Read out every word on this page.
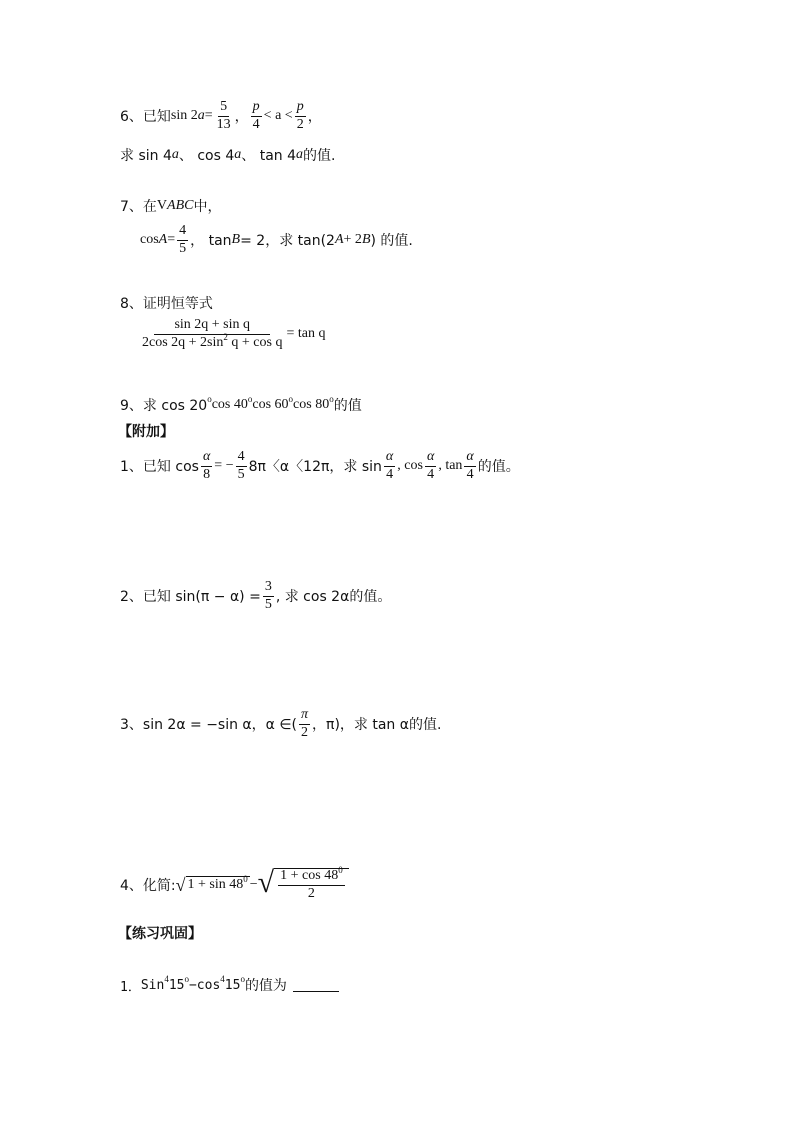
6、 已知 sin 2 $a = \frac{5}{13}$ ， $\frac{p}{4} < a < \frac{p}{2}$ ，
求 sin 4 a 、 cos 4 a 、 tan 4 a 的值.
7、 在 V ABC 中，
$\cos A = \frac{4}{5}$ ， tan B = 2，求 tan(2 A + 2 B ) 的值.
8、 证明恒等式
$\frac{\text{sin 2q + sin q}}{2\cos 2q + 2\sin^2 q + \cos q} = \tan q$
9、 求 cos 20 o cos 40 o cos 60 o cos 80 o 的值
【附加】
1、 已知 $\cos \frac{\alpha}{8}$ = − $\frac{4}{5} 8\pi$〈α〈12π，求 $\sin \frac{\alpha}{4}$ , $\cos \frac{\alpha}{4}$ , $\tan \frac{\alpha}{4}$ 的值。
2、 已知 $\sin(\pi - \alpha) = \frac{3}{5}$ , 求 cos 2α的值。
3、 sin 2α = −sin α，α ∈( $\frac{\pi}{2}$ ，π)，求 tan α的值.
4、 化简: √ 1 + sin 48 0 − √ $\frac{1 + \cos 48^0}{2}$
【练习巩固】
1． Sin 4 15 o −cos 4 15 o 的值为
